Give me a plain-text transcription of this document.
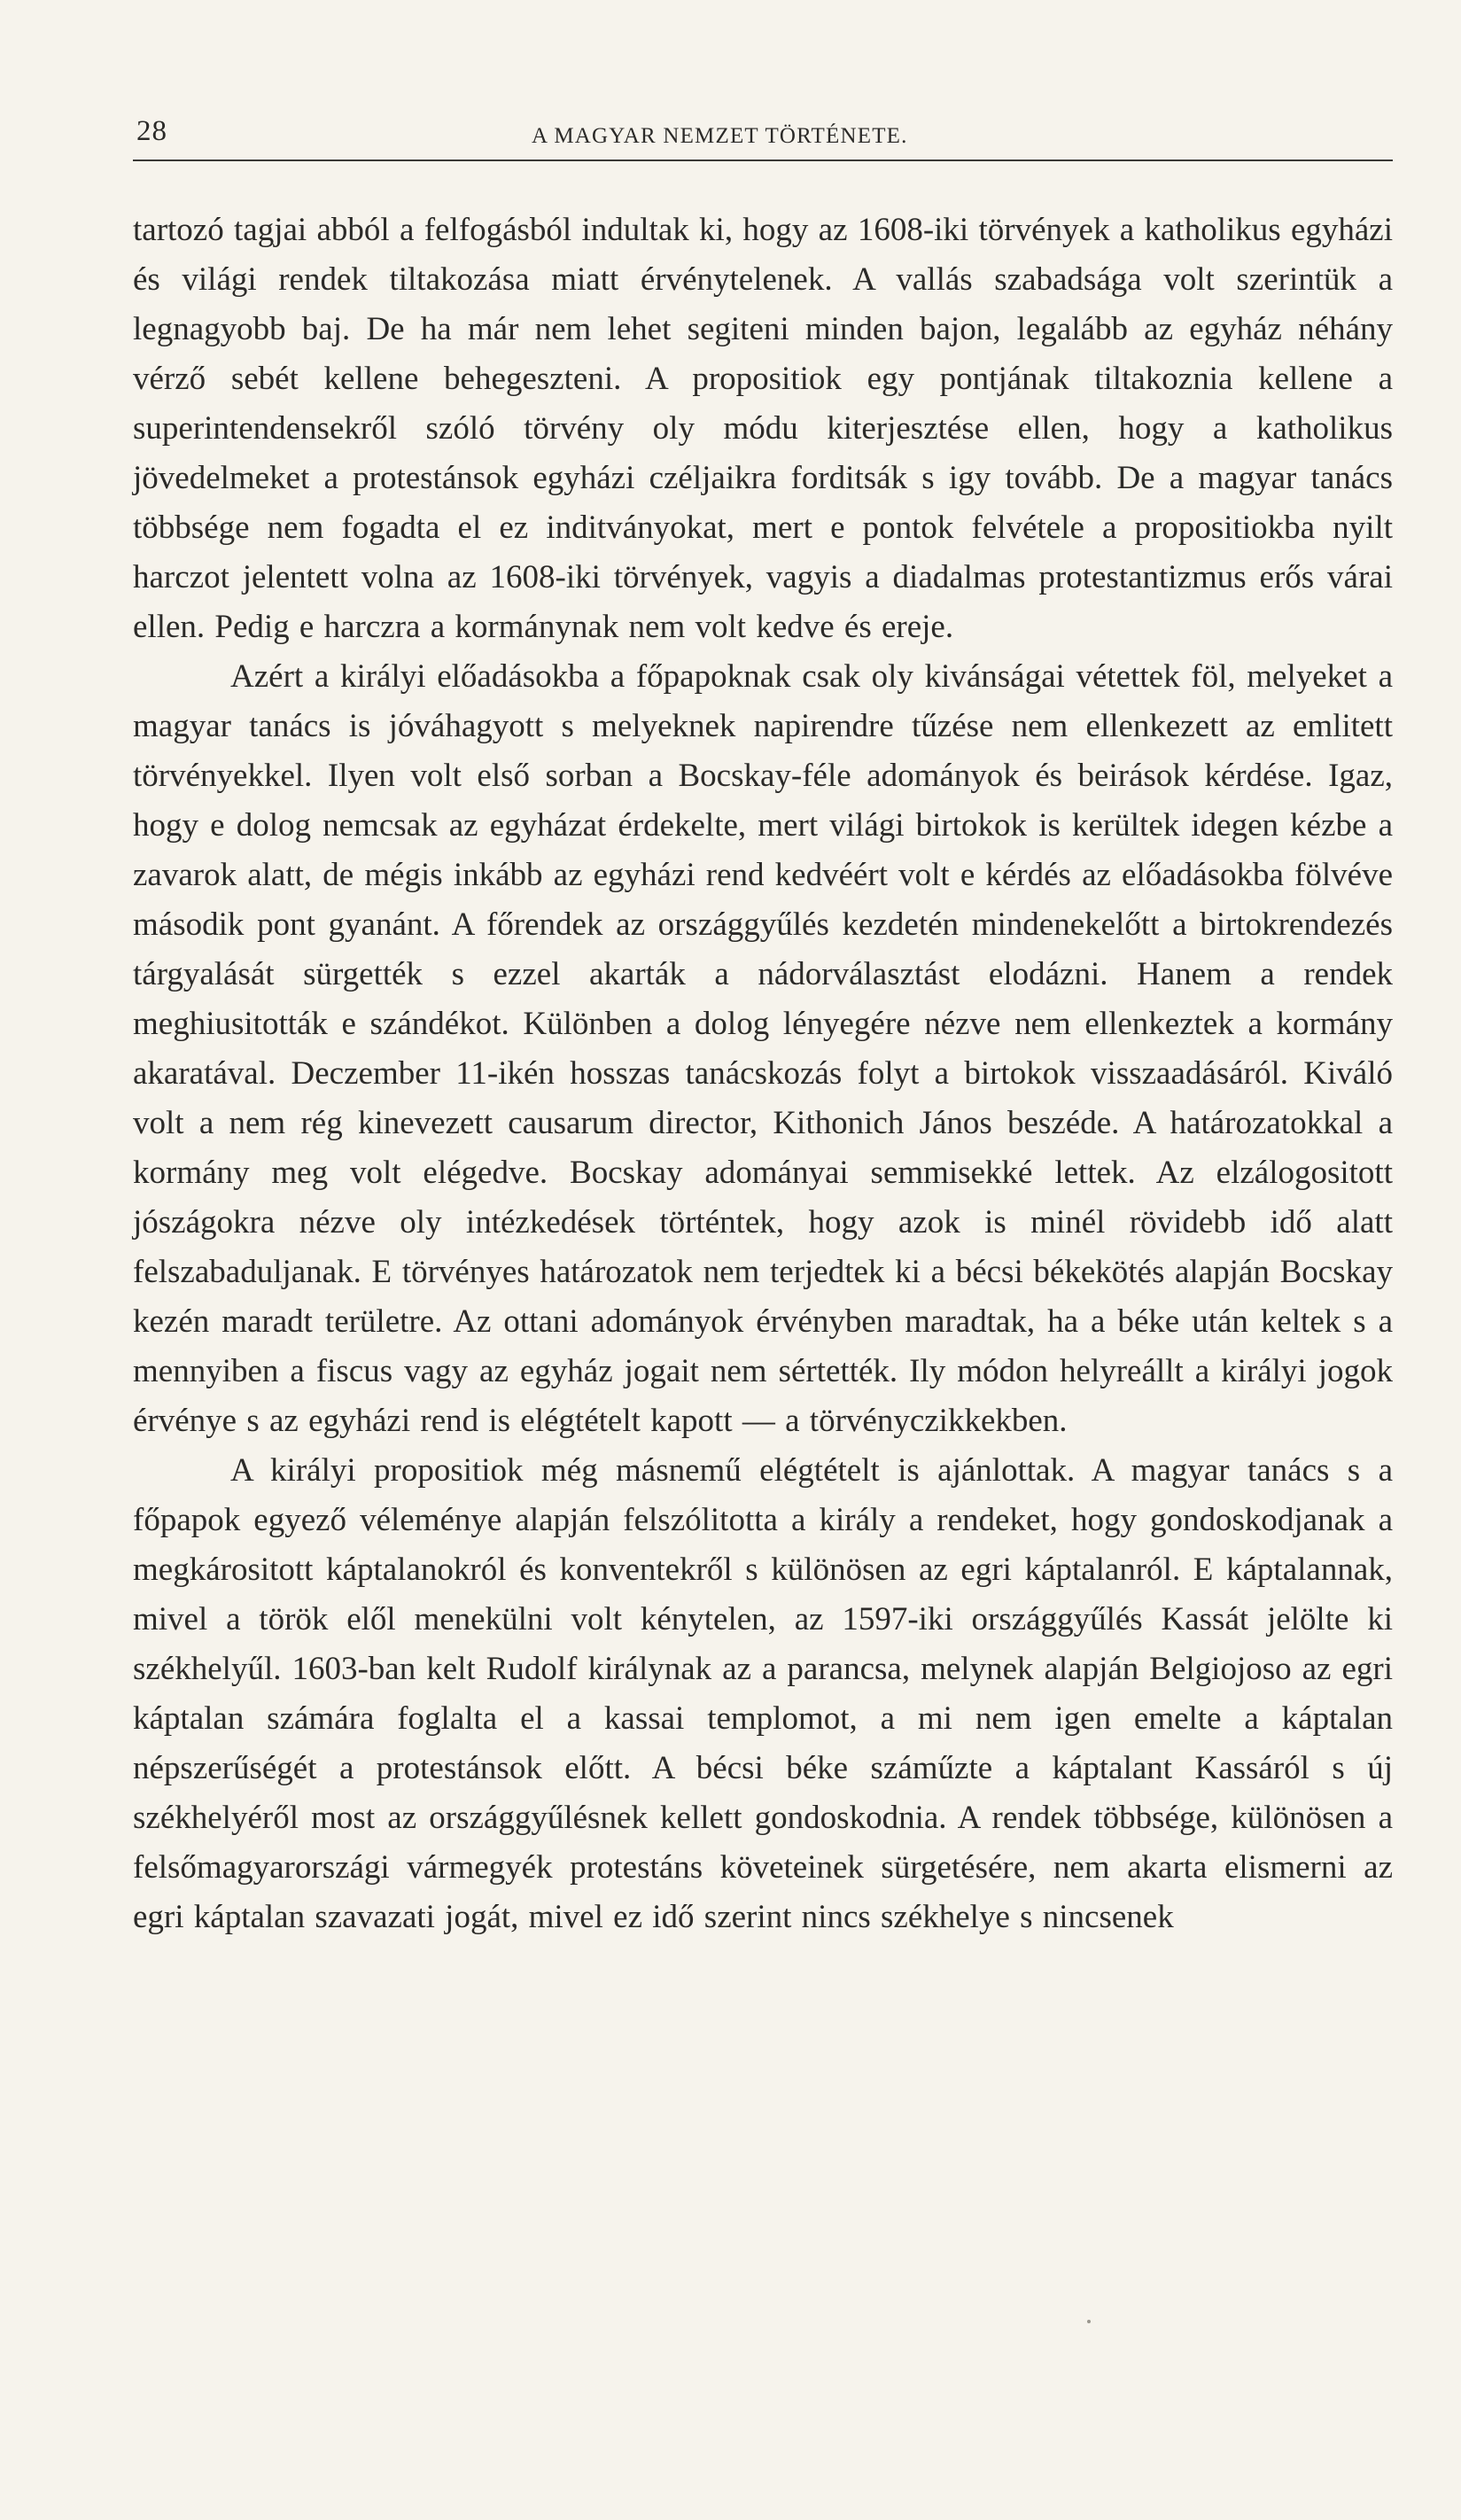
28	A MAGYAR NEMZET TÖRTÉNETE.

tartozó tagjai abból a felfogásból indultak ki, hogy az 1608-iki törvények a katholikus egyházi és világi rendek tiltakozása miatt érvénytelenek. A vallás szabadsága volt szerintük a legnagyobb baj. De ha már nem lehet segiteni minden bajon, legalább az egyház néhány vérző sebét kellene behegeszteni. A propositiok egy pontjának tiltakoznia kellene a superintendensekről szóló törvény oly módu kiterjesztése ellen, hogy a katholikus jövedelmeket a protestánsok egyházi czéljaikra forditsák s igy tovább. De a magyar tanács többsége nem fogadta el ez inditványokat, mert e pontok felvétele a propositiokba nyilt harczot jelentett volna az 1608-iki törvények, vagyis a diadalmas protestantizmus erős várai ellen. Pedig e harczra a kormánynak nem volt kedve és ereje.

Azért a királyi előadásokba a főpapoknak csak oly kivánságai vétettek föl, melyeket a magyar tanács is jóváhagyott s melyeknek napirendre tűzése nem ellenkezett az emlitett törvényekkel. Ilyen volt első sorban a Bocskay-féle adományok és beirások kérdése. Igaz, hogy e dolog nemcsak az egyházat érdekelte, mert világi birtokok is kerültek idegen kézbe a zavarok alatt, de mégis inkább az egyházi rend kedvéért volt e kérdés az előadásokba fölvéve második pont gyanánt. A főrendek az országgyűlés kezdetén mindenekelőtt a birtokrendezés tárgyalását sürgették s ezzel akarták a nádorválasztást elodázni. Hanem a rendek meghiusitották e szándékot. Különben a dolog lényegére nézve nem ellenkeztek a kormány akaratával. Deczember 11-ikén hosszas tanácskozás folyt a birtokok visszaadásáról. Kiváló volt a nem rég kinevezett causarum director, Kithonich János beszéde. A határozatokkal a kormány meg volt elégedve. Bocskay adományai semmisekké lettek. Az elzálogositott jószágokra nézve oly intézkedések történtek, hogy azok is minél rövidebb idő alatt felszabaduljanak. E törvényes határozatok nem terjedtek ki a bécsi békekötés alapján Bocskay kezén maradt területre. Az ottani adományok érvényben maradtak, ha a béke után keltek s a mennyiben a fiscus vagy az egyház jogait nem sértették. Ily módon helyreállt a királyi jogok érvénye s az egyházi rend is elégtételt kapott — a törvényczikkekben.

A királyi propositiok még másnemű elégtételt is ajánlottak. A magyar tanács s a főpapok egyező véleménye alapján felszólitotta a király a rendeket, hogy gondoskodjanak a megkárositott káptalanokról és konventekről s különösen az egri káptalanról. E káptalannak, mivel a török elől menekülni volt kénytelen, az 1597-iki országgyűlés Kassát jelölte ki székhelyűl. 1603-ban kelt Rudolf királynak az a parancsa, melynek alapján Belgiojoso az egri káptalan számára foglalta el a kassai templomot, a mi nem igen emelte a káptalan népszerűségét a protestánsok előtt. A bécsi béke száműzte a káptalant Kassáról s új székhelyéről most az országgyűlésnek kellett gondoskodnia. A rendek többsége, különösen a felsőmagyarországi vármegyék protestáns követeinek sürgetésére, nem akarta elismerni az egri káptalan szavazati jogát, mivel ez idő szerint nincs székhelye s nincsenek
